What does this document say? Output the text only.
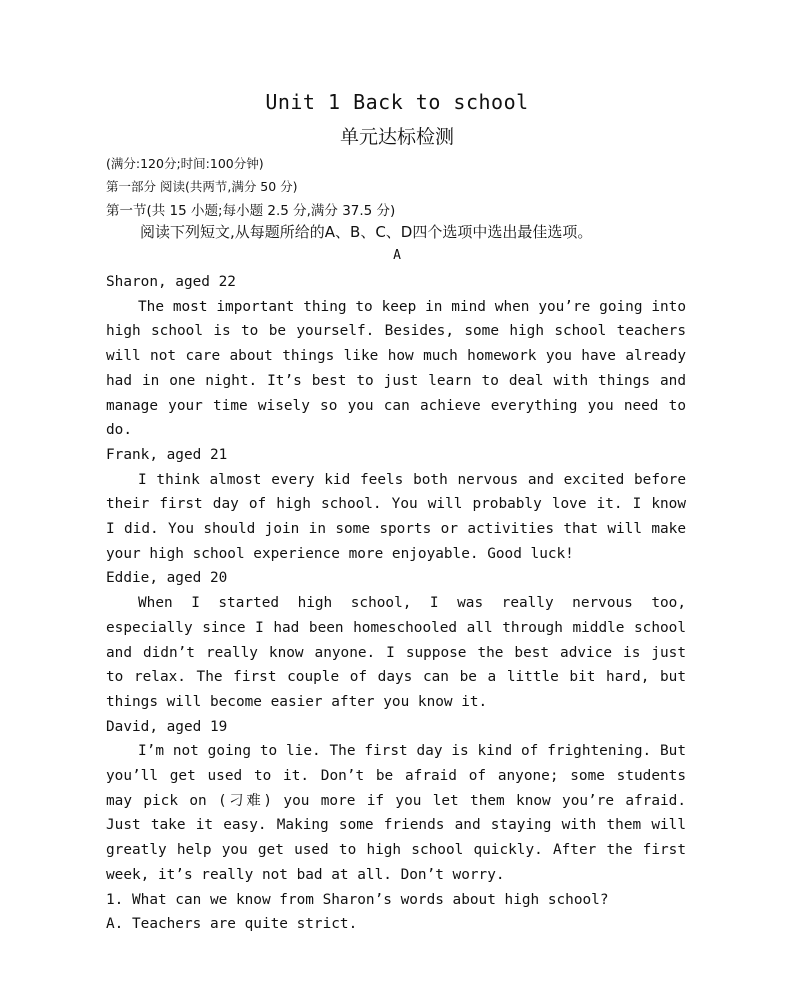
Unit 1 Back to school
单元达标检测
(满分:120分;时间:100分钟)
第一部分 阅读(共两节,满分 50 分)
第一节(共 15 小题;每小题 2.5 分,满分 37.5 分)
阅读下列短文,从每题所给的A、B、C、D四个选项中选出最佳选项。
A
Sharon, aged 22

The most important thing to keep in mind when you’re going into high school is to be yourself. Besides, some high school teachers will not care about things like how much homework you have already had in one night. It’s best to just learn to deal with things and manage your time wisely so you can achieve everything you need to do.

Frank, aged 21

I think almost every kid feels both nervous and excited before their first day of high school. You will probably love it. I know I did. You should join in some sports or activities that will make your high school experience more enjoyable. Good luck!

Eddie, aged 20

When I started high school, I was really nervous too, especially since I had been homeschooled all through middle school and didn’t really know anyone. I suppose the best advice is just to relax. The first couple of days can be a little bit hard, but things will become easier after you know it.

David, aged 19

I’m not going to lie. The first day is kind of frightening. But you’ll get used to it. Don’t be afraid of anyone; some students may pick on (刁难) you more if you let them know you’re afraid. Just take it easy. Making some friends and staying with them will greatly help you get used to high school quickly. After the first week, it’s really not bad at all. Don’t worry.

1. What can we know from Sharon’s words about high school?

A. Teachers are quite strict.
